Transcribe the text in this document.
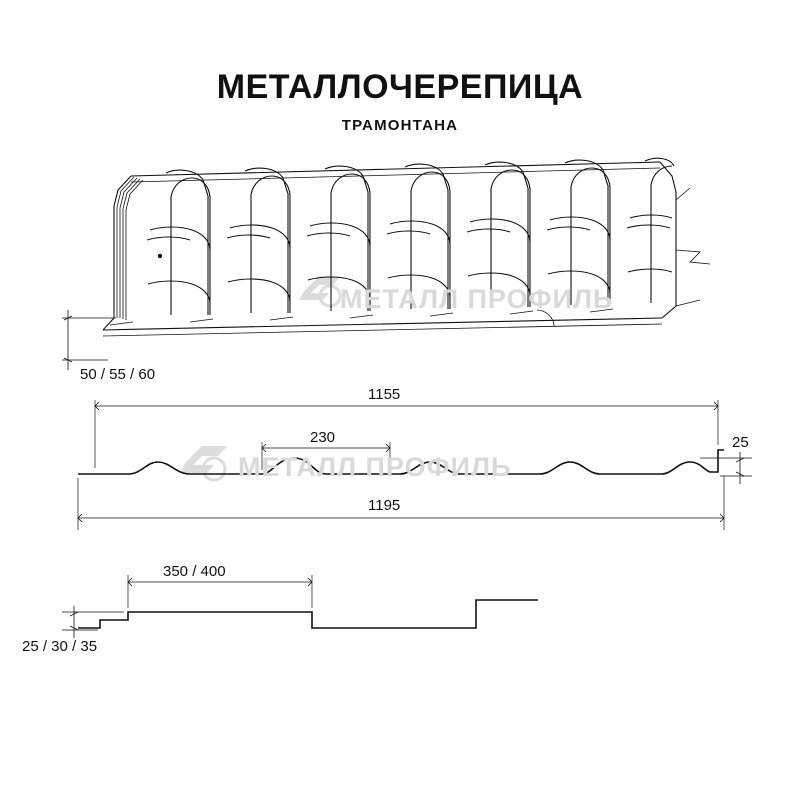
МЕТАЛЛ ПРОФИЛЬ
МЕТАЛЛ ПРОФИЛЬ
МЕТАЛЛОЧЕРЕПИЦА
ТРАМОНТАНА
50 / 55 / 60
1155
230	25
1195
350 / 400
25 / 30 / 35
